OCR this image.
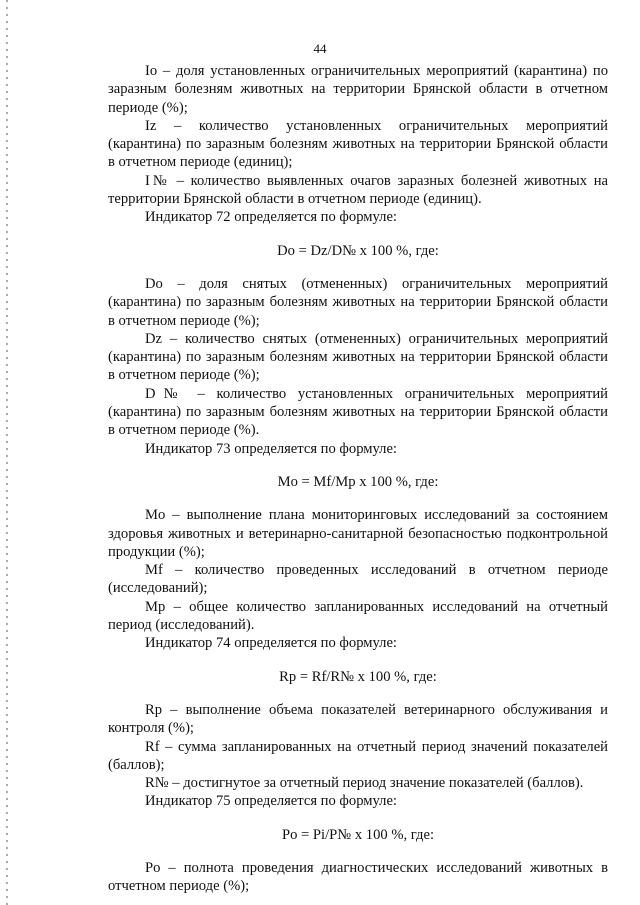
44

Io – доля установленных ограничительных мероприятий (карантина) по заразным болезням животных на территории Брянской области в отчетном периоде (%);

Iz – количество установленных ограничительных мероприятий (карантина) по заразным болезням животных на территории Брянской области в отчетном периоде (единиц);

I№ – количество выявленных очагов заразных болезней животных на территории Брянской области в отчетном периоде (единиц).

Индикатор 72 определяется по формуле:

Do = Dz/D№ x 100 %, где:

Do – доля снятых (отмененных) ограничительных мероприятий (карантина) по заразным болезням животных на территории Брянской области в отчетном периоде (%);

Dz – количество снятых (отмененных) ограничительных мероприятий (карантина) по заразным болезням животных на территории Брянской области в отчетном периоде (%);

D№ – количество установленных ограничительных мероприятий (карантина) по заразным болезням животных на территории Брянской области в отчетном периоде (%).

Индикатор 73 определяется по формуле:

Mo = Mf/Mp x 100 %, где:

Mo – выполнение плана мониторинговых исследований за состоянием здоровья животных и ветеринарно-санитарной безопасностью подконтрольной продукции (%);

Mf – количество проведенных исследований в отчетном периоде (исследований);

Mp – общее количество запланированных исследований на отчетный период (исследований).

Индикатор 74 определяется по формуле:

Rp = Rf/R№ x 100 %, где:

Rp – выполнение объема показателей ветеринарного обслуживания и контроля (%);

Rf – сумма запланированных на отчетный период значений показателей (баллов);

R№ – достигнутое за отчетный период значение показателей (баллов).

Индикатор 75 определяется по формуле:

Po = Pi/P№ x 100 %, где:

Po – полнота проведения диагностических исследований животных в отчетном периоде (%);
